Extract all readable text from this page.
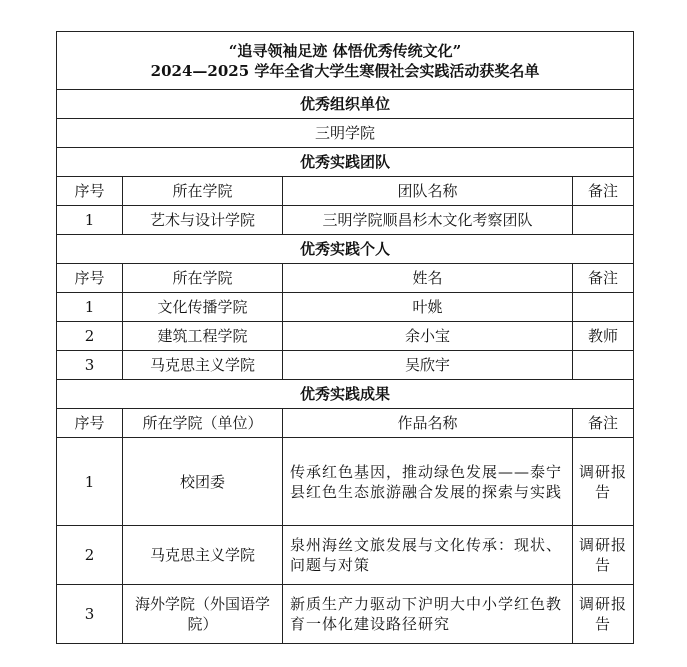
“追寻领袖足迹 体悟优秀传统文化”
2024—2025 学年全省大学生寒假社会实践活动获奖名单			

优秀组织单位			
三明学院			
优秀实践团队			
序号	所在学院	团队名称	备注
1	艺术与设计学院	三明学院顺昌杉木文化考察团队	
优秀实践个人			
序号	所在学院	姓名	备注
1	文化传播学院	叶姚	
2	建筑工程学院	余小宝	教师
3	马克思主义学院	吴欣宇	
优秀实践成果			
序号	所在学院（单位）	作品名称	备注
1	校团委	传承红色基因，推动绿色发展——泰宁县红色生态旅游融合发展的探索与实践	调研报告
2	马克思主义学院	泉州海丝文旅发展与文化传承：现状、问题与对策	调研报告
3	海外学院（外国语学院）	新质生产力驱动下沪明大中小学红色教育一体化建设路径研究	调研报告
